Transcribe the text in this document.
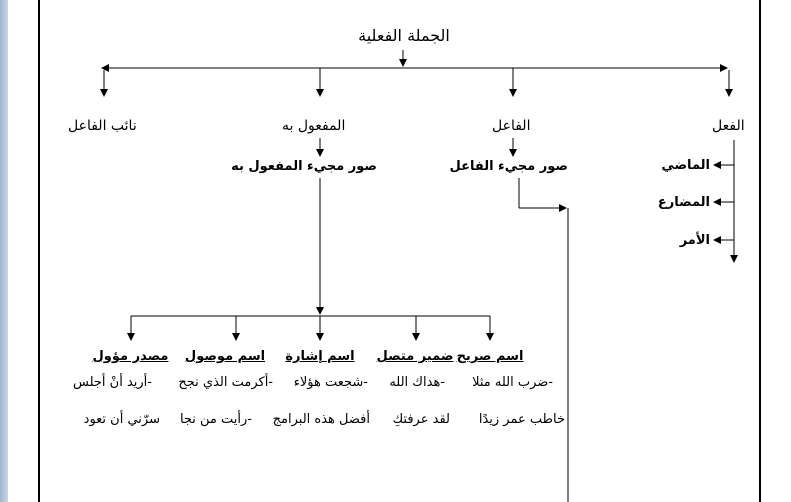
الجملة الفعلية
الفعل
الفاعل
المفعول به
نائب الفاعل
الماضي
المضارع
الأمر
صور مجيء الفاعل
صور مجيء المفعول به
اسم صريح
ضمير متصل
اسم إشارة
اسم موصول
مصدر مؤول
-ضرب الله مثلا
-هداك الله
-شجعت هؤلاء
-أكرمت الذي نجح
-أريد أنْ أجلس
خاطب عمر زيدًا
لقد عرفتكِ
أفضل هذه البرامج
-رأيت من نجا
سرّني أن تعود
